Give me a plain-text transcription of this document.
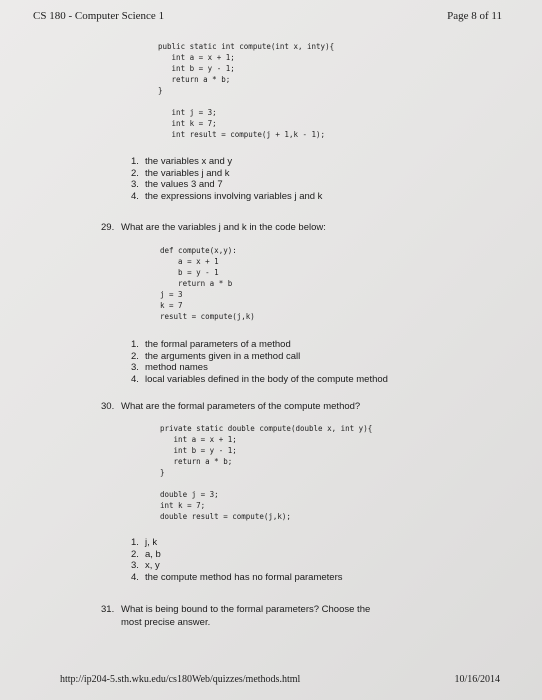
CS 180 - Computer Science 1	Page 8 of 11
public static int compute(int x, inty){
int a = x + 1;
int b = y - 1;
return a * b;
}

int j = 3;
int k = 7;
int result = compute(j + 1,k - 1);
1. the variables x and y
2. the variables j and k
3. the values 3 and 7
4. the expressions involving variables j and k
29. What are the variables j and k in the code below:
def compute(x,y):
a = x + 1
b = y - 1
return a * b
j = 3
k = 7
result = compute(j,k)
1. the formal parameters of a method
2. the arguments given in a method call
3. method names
4. local variables defined in the body of the compute method
30. What are the formal parameters of the compute method?
private static double compute(double x, int y){
int a = x + 1;
int b = y - 1;
return a * b;
}

double j = 3;
int k = 7;
double result = compute(j,k);
1. j, k
2. a, b
3. x, y
4. the compute method has no formal parameters
31. What is being bound to the formal parameters? Choose the
most precise answer.
http://ip204-5.sth.wku.edu/cs180Web/quizzes/methods.html	10/16/2014
